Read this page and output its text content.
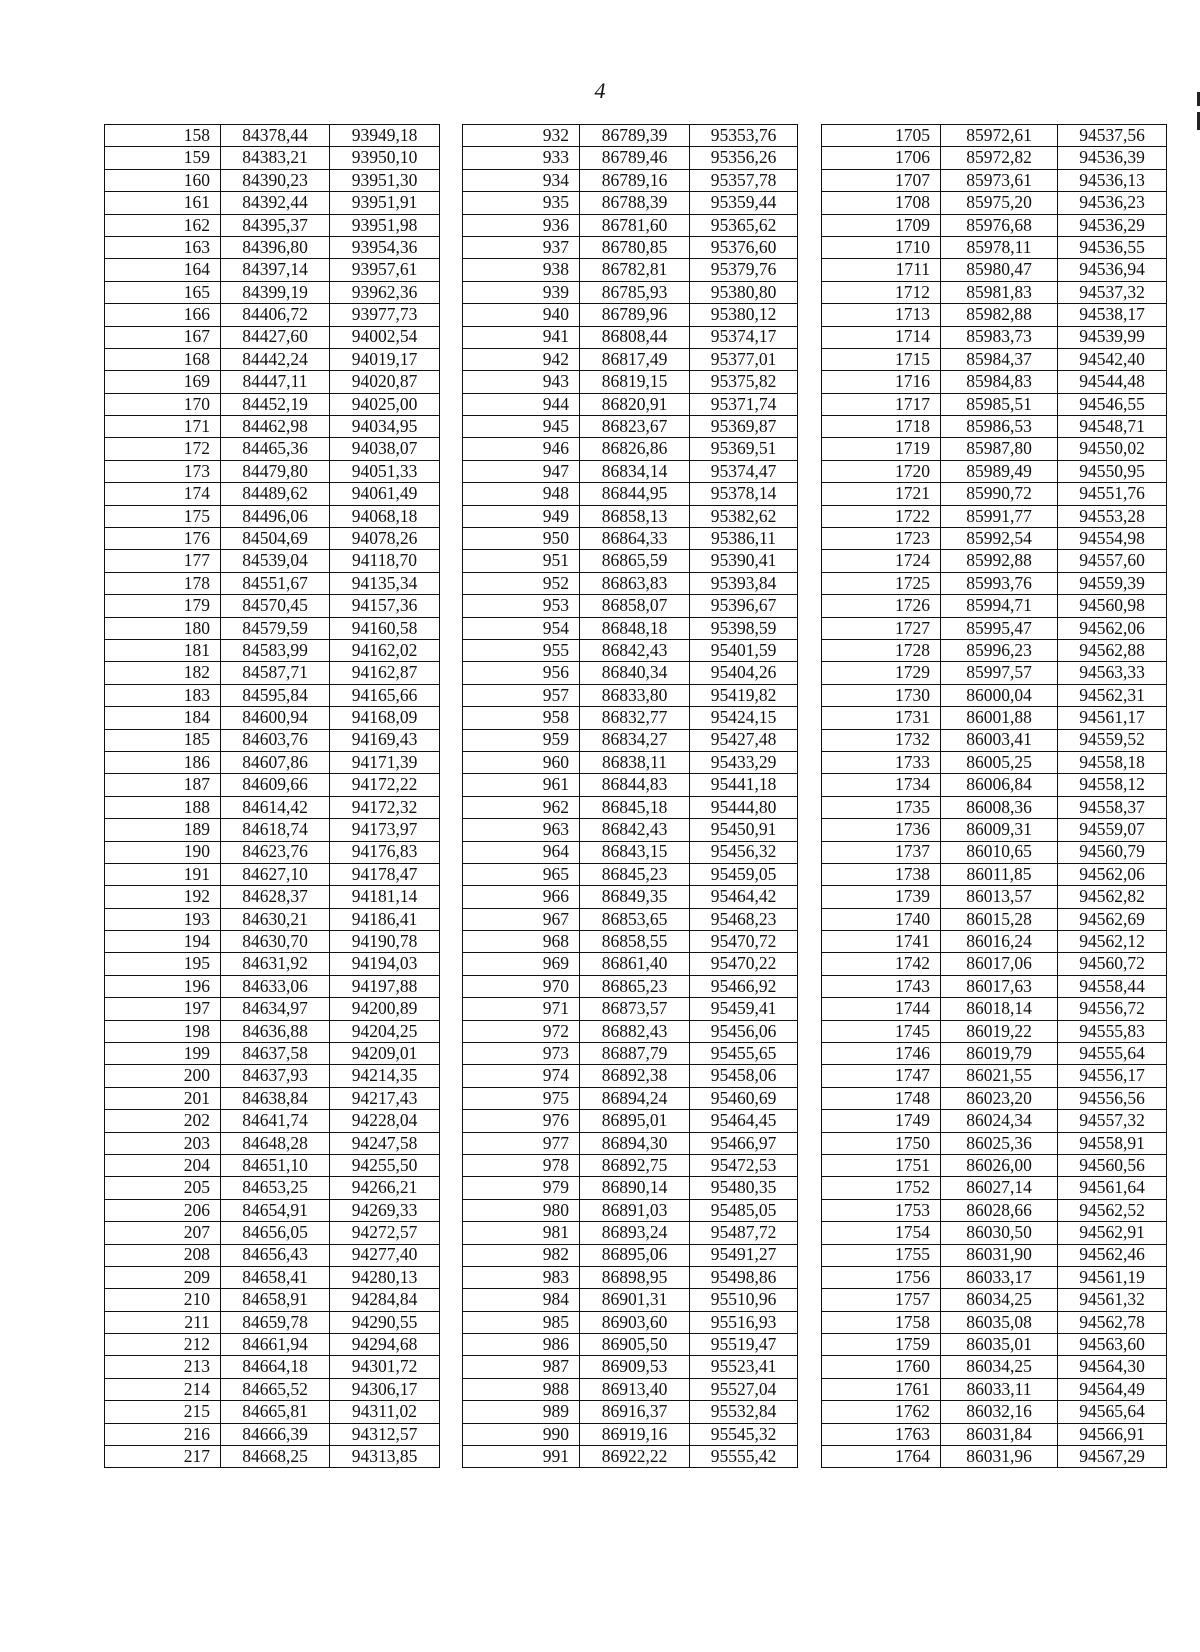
4
158	84378,44	93949,18
159	84383,21	93950,10
160	84390,23	93951,30
161	84392,44	93951,91
162	84395,37	93951,98
163	84396,80	93954,36
164	84397,14	93957,61
165	84399,19	93962,36
166	84406,72	93977,73
167	84427,60	94002,54
168	84442,24	94019,17
169	84447,11	94020,87
170	84452,19	94025,00
171	84462,98	94034,95
172	84465,36	94038,07
173	84479,80	94051,33
174	84489,62	94061,49
175	84496,06	94068,18
176	84504,69	94078,26
177	84539,04	94118,70
178	84551,67	94135,34
179	84570,45	94157,36
180	84579,59	94160,58
181	84583,99	94162,02
182	84587,71	94162,87
183	84595,84	94165,66
184	84600,94	94168,09
185	84603,76	94169,43
186	84607,86	94171,39
187	84609,66	94172,22
188	84614,42	94172,32
189	84618,74	94173,97
190	84623,76	94176,83
191	84627,10	94178,47
192	84628,37	94181,14
193	84630,21	94186,41
194	84630,70	94190,78
195	84631,92	94194,03
196	84633,06	94197,88
197	84634,97	94200,89
198	84636,88	94204,25
199	84637,58	94209,01
200	84637,93	94214,35
201	84638,84	94217,43
202	84641,74	94228,04
203	84648,28	94247,58
204	84651,10	94255,50
205	84653,25	94266,21
206	84654,91	94269,33
207	84656,05	94272,57
208	84656,43	94277,40
209	84658,41	94280,13
210	84658,91	94284,84
211	84659,78	94290,55
212	84661,94	94294,68
213	84664,18	94301,72
214	84665,52	94306,17
215	84665,81	94311,02
216	84666,39	94312,57
217	84668,25	94313,85
932	86789,39	95353,76
933	86789,46	95356,26
934	86789,16	95357,78
935	86788,39	95359,44
936	86781,60	95365,62
937	86780,85	95376,60
938	86782,81	95379,76
939	86785,93	95380,80
940	86789,96	95380,12
941	86808,44	95374,17
942	86817,49	95377,01
943	86819,15	95375,82
944	86820,91	95371,74
945	86823,67	95369,87
946	86826,86	95369,51
947	86834,14	95374,47
948	86844,95	95378,14
949	86858,13	95382,62
950	86864,33	95386,11
951	86865,59	95390,41
952	86863,83	95393,84
953	86858,07	95396,67
954	86848,18	95398,59
955	86842,43	95401,59
956	86840,34	95404,26
957	86833,80	95419,82
958	86832,77	95424,15
959	86834,27	95427,48
960	86838,11	95433,29
961	86844,83	95441,18
962	86845,18	95444,80
963	86842,43	95450,91
964	86843,15	95456,32
965	86845,23	95459,05
966	86849,35	95464,42
967	86853,65	95468,23
968	86858,55	95470,72
969	86861,40	95470,22
970	86865,23	95466,92
971	86873,57	95459,41
972	86882,43	95456,06
973	86887,79	95455,65
974	86892,38	95458,06
975	86894,24	95460,69
976	86895,01	95464,45
977	86894,30	95466,97
978	86892,75	95472,53
979	86890,14	95480,35
980	86891,03	95485,05
981	86893,24	95487,72
982	86895,06	95491,27
983	86898,95	95498,86
984	86901,31	95510,96
985	86903,60	95516,93
986	86905,50	95519,47
987	86909,53	95523,41
988	86913,40	95527,04
989	86916,37	95532,84
990	86919,16	95545,32
991	86922,22	95555,42
1705	85972,61	94537,56
1706	85972,82	94536,39
1707	85973,61	94536,13
1708	85975,20	94536,23
1709	85976,68	94536,29
1710	85978,11	94536,55
1711	85980,47	94536,94
1712	85981,83	94537,32
1713	85982,88	94538,17
1714	85983,73	94539,99
1715	85984,37	94542,40
1716	85984,83	94544,48
1717	85985,51	94546,55
1718	85986,53	94548,71
1719	85987,80	94550,02
1720	85989,49	94550,95
1721	85990,72	94551,76
1722	85991,77	94553,28
1723	85992,54	94554,98
1724	85992,88	94557,60
1725	85993,76	94559,39
1726	85994,71	94560,98
1727	85995,47	94562,06
1728	85996,23	94562,88
1729	85997,57	94563,33
1730	86000,04	94562,31
1731	86001,88	94561,17
1732	86003,41	94559,52
1733	86005,25	94558,18
1734	86006,84	94558,12
1735	86008,36	94558,37
1736	86009,31	94559,07
1737	86010,65	94560,79
1738	86011,85	94562,06
1739	86013,57	94562,82
1740	86015,28	94562,69
1741	86016,24	94562,12
1742	86017,06	94560,72
1743	86017,63	94558,44
1744	86018,14	94556,72
1745	86019,22	94555,83
1746	86019,79	94555,64
1747	86021,55	94556,17
1748	86023,20	94556,56
1749	86024,34	94557,32
1750	86025,36	94558,91
1751	86026,00	94560,56
1752	86027,14	94561,64
1753	86028,66	94562,52
1754	86030,50	94562,91
1755	86031,90	94562,46
1756	86033,17	94561,19
1757	86034,25	94561,32
1758	86035,08	94562,78
1759	86035,01	94563,60
1760	86034,25	94564,30
1761	86033,11	94564,49
1762	86032,16	94565,64
1763	86031,84	94566,91
1764	86031,96	94567,29
